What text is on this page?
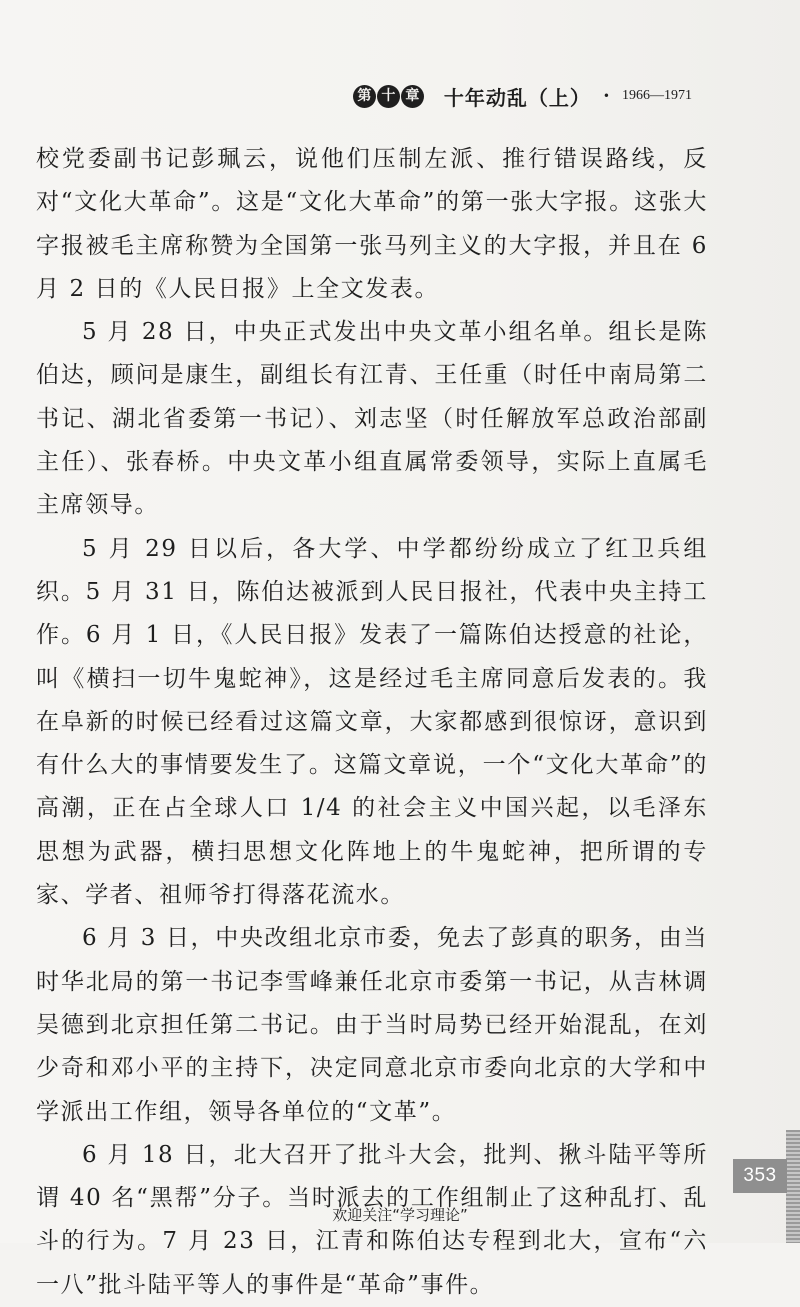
第 十 章 十年动乱（上） • 1966—1971

校党委副书记彭珮云，说他们压制左派、推行错误路线，反对“文化大革命”。这是“文化大革命”的第一张大字报。这张大字报被毛主席称赞为全国第一张马列主义的大字报，并且在 6 月 2 日的《人民日报》上全文发表。

5 月 28 日，中央正式发出中央文革小组名单。组长是陈伯达，顾问是康生，副组长有江青、王任重（时任中南局第二书记、湖北省委第一书记）、刘志坚（时任解放军总政治部副主任）、张春桥。中央文革小组直属常委领导，实际上直属毛主席领导。

5 月 29 日以后，各大学、中学都纷纷成立了红卫兵组织。5 月 31 日，陈伯达被派到人民日报社，代表中央主持工作。6 月 1 日，《人民日报》发表了一篇陈伯达授意的社论，叫《横扫一切牛鬼蛇神》，这是经过毛主席同意后发表的。我在阜新的时候已经看过这篇文章，大家都感到很惊讶，意识到有什么大的事情要发生了。这篇文章说，一个“文化大革命”的高潮，正在占全球人口 1/4 的社会主义中国兴起，以毛泽东思想为武器，横扫思想文化阵地上的牛鬼蛇神，把所谓的专家、学者、祖师爷打得落花流水。

6 月 3 日，中央改组北京市委，免去了彭真的职务，由当时华北局的第一书记李雪峰兼任北京市委第一书记，从吉林调吴德到北京担任第二书记。由于当时局势已经开始混乱，在刘少奇和邓小平的主持下，决定同意北京市委向北京的大学和中学派出工作组，领导各单位的“文革”。

6 月 18 日，北大召开了批斗大会，批判、揪斗陆平等所谓 40 名“黑帮”分子。当时派去的工作组制止了这种乱打、乱斗的行为。7 月 23 日，江青和陈伯达专程到北大，宣布“六一八”批斗陆平等人的事件是“革命”事件。

353
欢迎关注“学习理论”
